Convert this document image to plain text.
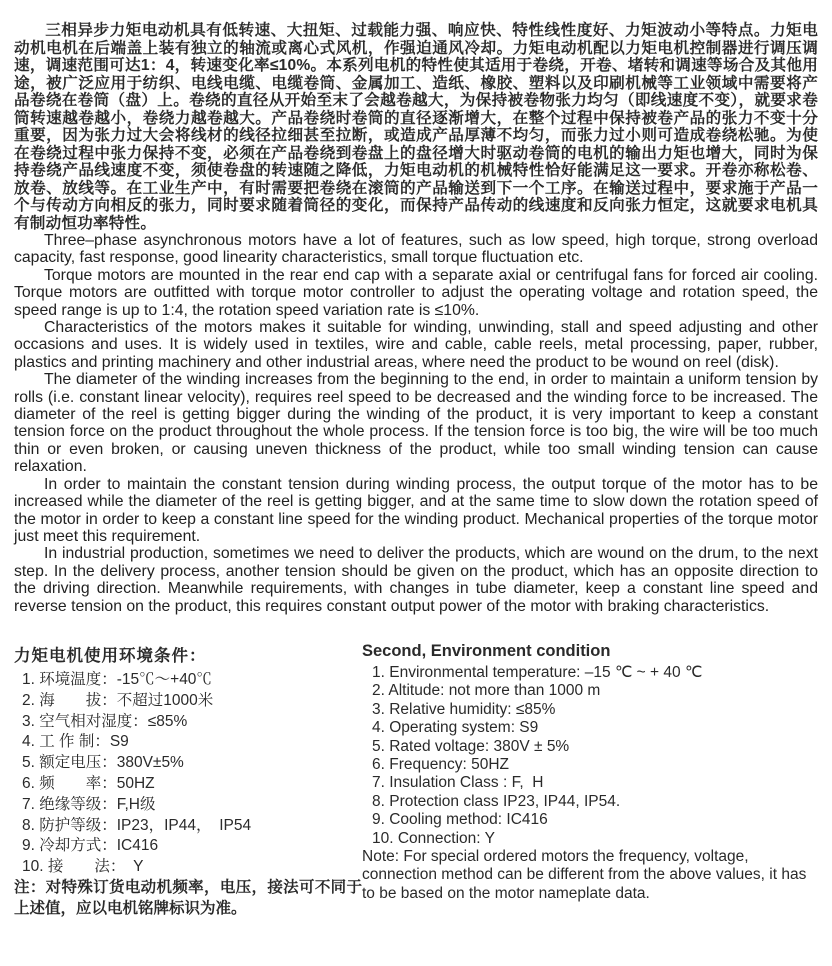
三相异步力矩电动机具有低转速、大扭矩、过载能力强、响应快、特性线性度好、力矩波动小等特点。力矩电动机电机在后端盖上装有独立的轴流或离心式风机，作强迫通风冷却。力矩电动机配以力矩电机控制器进行调压调速，调速范围可达1：4，转速变化率≤10%。本系列电机的特性使其适用于卷绕，开卷、堵转和调速等场合及其他用途，被广泛应用于纺织、电线电缆、电缆卷筒、金属加工、造纸、橡胶、塑料以及印刷机械等工业领域中需要将产品卷绕在卷筒（盘）上。卷绕的直径从开始至末了会越卷越大，为保持被卷物张力均匀（即线速度不变），就要求卷筒转速越卷越小，卷绕力越卷越大。产品卷绕时卷筒的直径逐渐增大，在整个过程中保持被卷产品的张力不变十分重要，因为张力过大会将线材的线径拉细甚至拉断，或造成产品厚薄不均匀，而张力过小则可造成卷绕松驰。为使在卷绕过程中张力保持不变，必须在产品卷绕到卷盘上的盘径增大时驱动卷筒的电机的输出力矩也增大，同时为保持卷绕产品线速度不变，须使卷盘的转速随之降低，力矩电动机的机械特性恰好能满足这一要求。开卷亦称松卷、放卷、放线等。在工业生产中，有时需要把卷绕在滚筒的产品输送到下一个工序。在输送过程中，要求施于产品一个与传动方向相反的张力，同时要求随着筒径的变化，而保持产品传动的线速度和反向张力恒定，这就要求电机具有制动恒功率特性。

Three–phase asynchronous motors have a lot of features, such as low speed, high torque, strong overload capacity, fast response, good linearity characteristics, small torque fluctuation etc.

Torque motors are mounted in the rear end cap with a separate axial or centrifugal fans for forced air cooling. Torque motors are outfitted with torque motor controller to adjust the operating voltage and rotation speed, the speed range is up to 1:4, the rotation speed variation rate is ≤10%.

Characteristics of the motors makes it suitable for winding, unwinding, stall and speed adjusting and other occasions and uses. It is widely used in textiles, wire and cable, cable reels, metal processing, paper, rubber, plastics and printing machinery and other industrial areas, where need the product to be wound on reel (disk).

The diameter of the winding increases from the beginning to the end, in order to maintain a uniform tension by rolls (i.e. constant linear velocity), requires reel speed to be decreased and the winding force to be increased. The diameter of the reel is getting bigger during the winding of the product, it is very important to keep a constant tension force on the product throughout the whole process. If the tension force is too big, the wire will be too much thin or even broken, or causing uneven thickness of the product, while too small winding tension can cause relaxation.

In order to maintain the constant tension during winding process, the output torque of the motor has to be increased while the diameter of the reel is getting bigger, and at the same time to slow down the rotation speed of the motor in order to keep a constant line speed for the winding product. Mechanical properties of the torque motor just meet this requirement.

In industrial production, sometimes we need to deliver the products, which are wound on the drum, to the next step. In the delivery process, another tension should be given on the product, which has an opposite direction to the driving direction. Meanwhile requirements, with changes in tube diameter, keep a constant line speed and reverse tension on the product, this requires constant output power of the motor with braking characteristics.

力矩电机使用环境条件：

1. 环境温度：-15℃～+40℃
2. 海　　拔：不超过1000米
3. 空气相对湿度：≤85%
4. 工 作 制：S9
5. 额定电压：380V±5%
6. 频　　率：50HZ
7. 绝缘等级：F,H级
8. 防护等级：IP23，IP44，　IP54
9. 冷却方式：IC416
10. 接　　法：　Y

注：对特殊订货电动机频率，电压，接法可不同于上述值，应以电机铭牌标识为准。

Second, Environment condition

1. Environmental temperature: –15 ℃ ~ + 40 ℃
2. Altitude: not more than 1000 m
3. Relative humidity: ≤85%
4. Operating system: S9
5. Rated voltage: 380V ± 5%
6. Frequency: 50HZ
7. Insulation Class : F,  H
8. Protection class IP23, IP44, IP54.
9. Cooling method: IC416
10. Connection: Y

Note: For special ordered motors the frequency, voltage, connection method can be different from the above values, it has to be based on the motor nameplate data.
